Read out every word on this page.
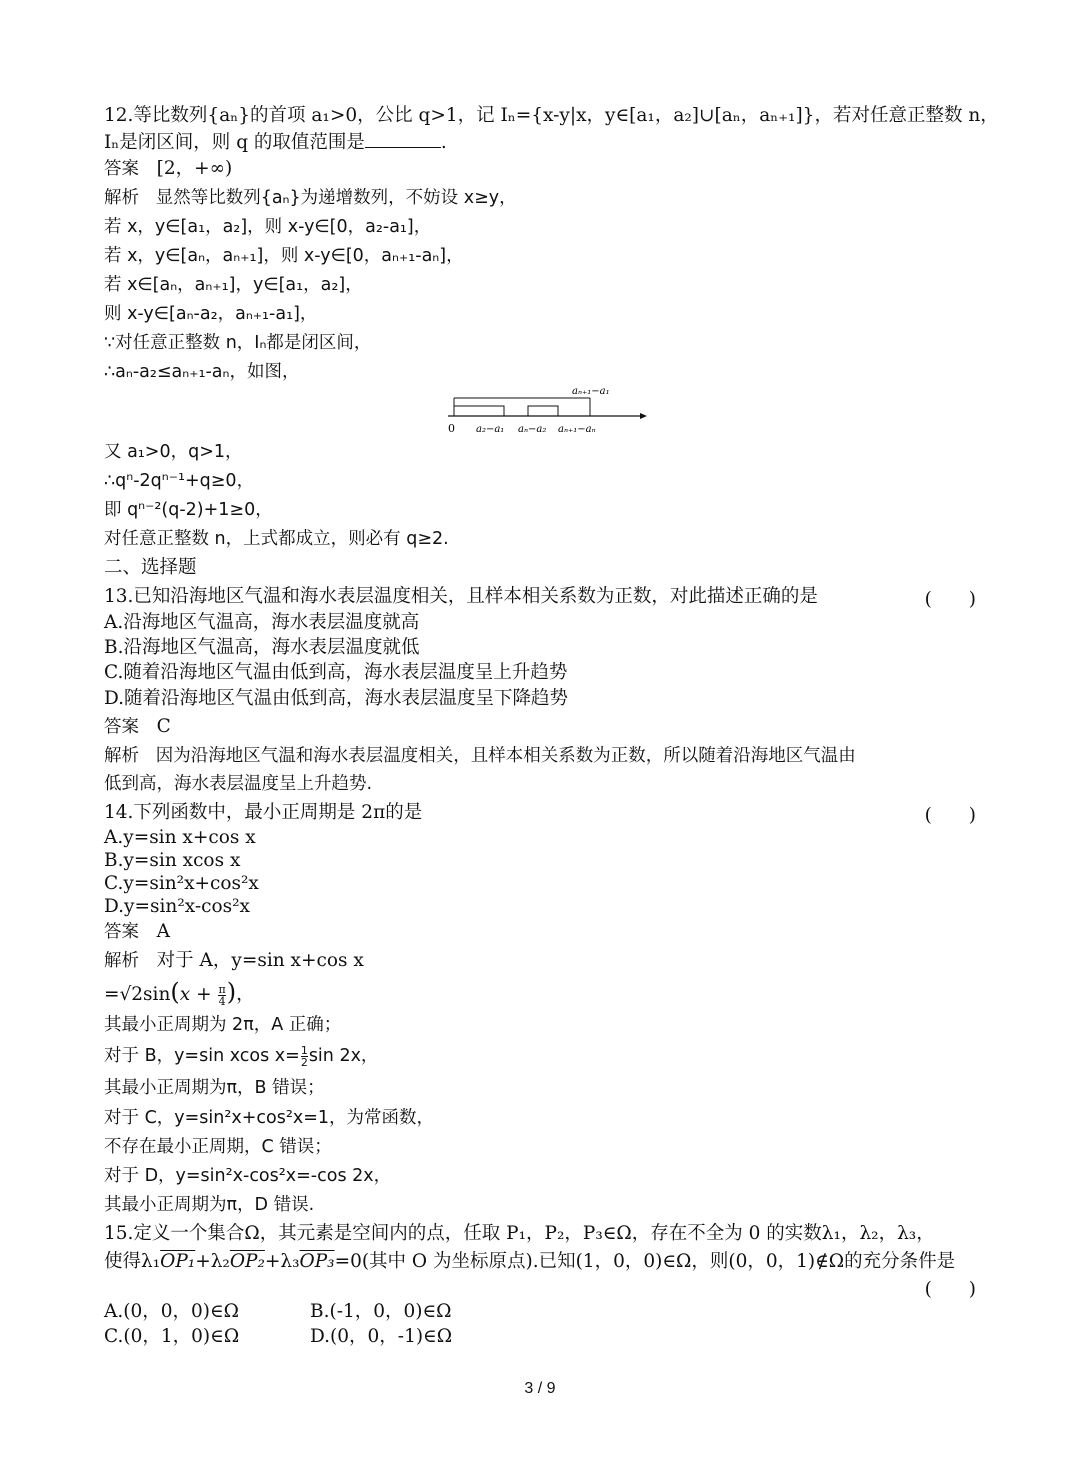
12.等比数列{aₙ}的首项 a₁>0，公比 q>1，记 Iₙ={x-y|x，y∈[a₁，a₂]∪[aₙ，aₙ₊₁]}，若对任意正整数 n，
Iₙ是闭区间，则 q 的取值范围是	.
答案 [2，+∞)
解析 显然等比数列{aₙ}为递增数列，不妨设 x≥y，
若 x，y∈[a₁，a₂]，则 x-y∈[0，a₂-a₁]，
若 x，y∈[aₙ，aₙ₊₁]，则 x-y∈[0，aₙ₊₁-aₙ]，
若 x∈[aₙ，aₙ₊₁]，y∈[a₁，a₂]，
则 x-y∈[aₙ-a₂，aₙ₊₁-a₁]，
∵对任意正整数 n，Iₙ都是闭区间，
∴aₙ-a₂≤aₙ₊₁-aₙ，如图，
aₙ₊₁−a₁
0 a₂−a₁ aₙ−a₂ aₙ₊₁−aₙ
又 a₁>0，q>1，
∴qⁿ-2qⁿ⁻¹+q≥0，
即 qⁿ⁻²(q-2)+1≥0，
对任意正整数 n，上式都成立，则必有 q≥2.
二、选择题
13.已知沿海地区气温和海水表层温度相关，且样本相关系数为正数，对此描述正确的是	(　　)
A.沿海地区气温高，海水表层温度就高
B.沿海地区气温高，海水表层温度就低
C.随着沿海地区气温由低到高，海水表层温度呈上升趋势
D.随着沿海地区气温由低到高，海水表层温度呈下降趋势
答案 C
解析 因为沿海地区气温和海水表层温度相关，且样本相关系数为正数，所以随着沿海地区气温由
低到高，海水表层温度呈上升趋势.
14.下列函数中，最小正周期是 2π的是	(　　)
A.y=sin x+cos x
B.y=sin xcos x
C.y=sin²x+cos²x
D.y=sin²x-cos²x
答案 A
解析 对于 A，y=sin x+cos x
$=√2\sin(x + \frac{\pi}{4}$ )，
其最小正周期为 2π，A 正确；
对于 B，y=sin xcos $x= \frac{1}{2}$ sin 2x，
其最小正周期为π，B 错误；
对于 C，y=sin²x+cos²x=1，为常函数，
不存在最小正周期，C 错误；
对于 D，y=sin²x-cos²x=-cos 2x，
其最小正周期为π，D 错误.
15.定义一个集合Ω，其元素是空间内的点，任取 P₁，P₂，P₃∈Ω，存在不全为 0 的实数λ₁，λ₂，λ₃，
使得λ₁OP₁+λ₂OP₂+λ₃OP₃=0(其中 O 为坐标原点).已知(1，0，0)∈Ω，则(0，0，1)∉Ω的充分条件是
(　　)
A.(0，0，0)∈Ω	B.(-1，0，0)∈Ω
C.(0，1，0)∈Ω	D.(0，0，-1)∈Ω
3 / 9
